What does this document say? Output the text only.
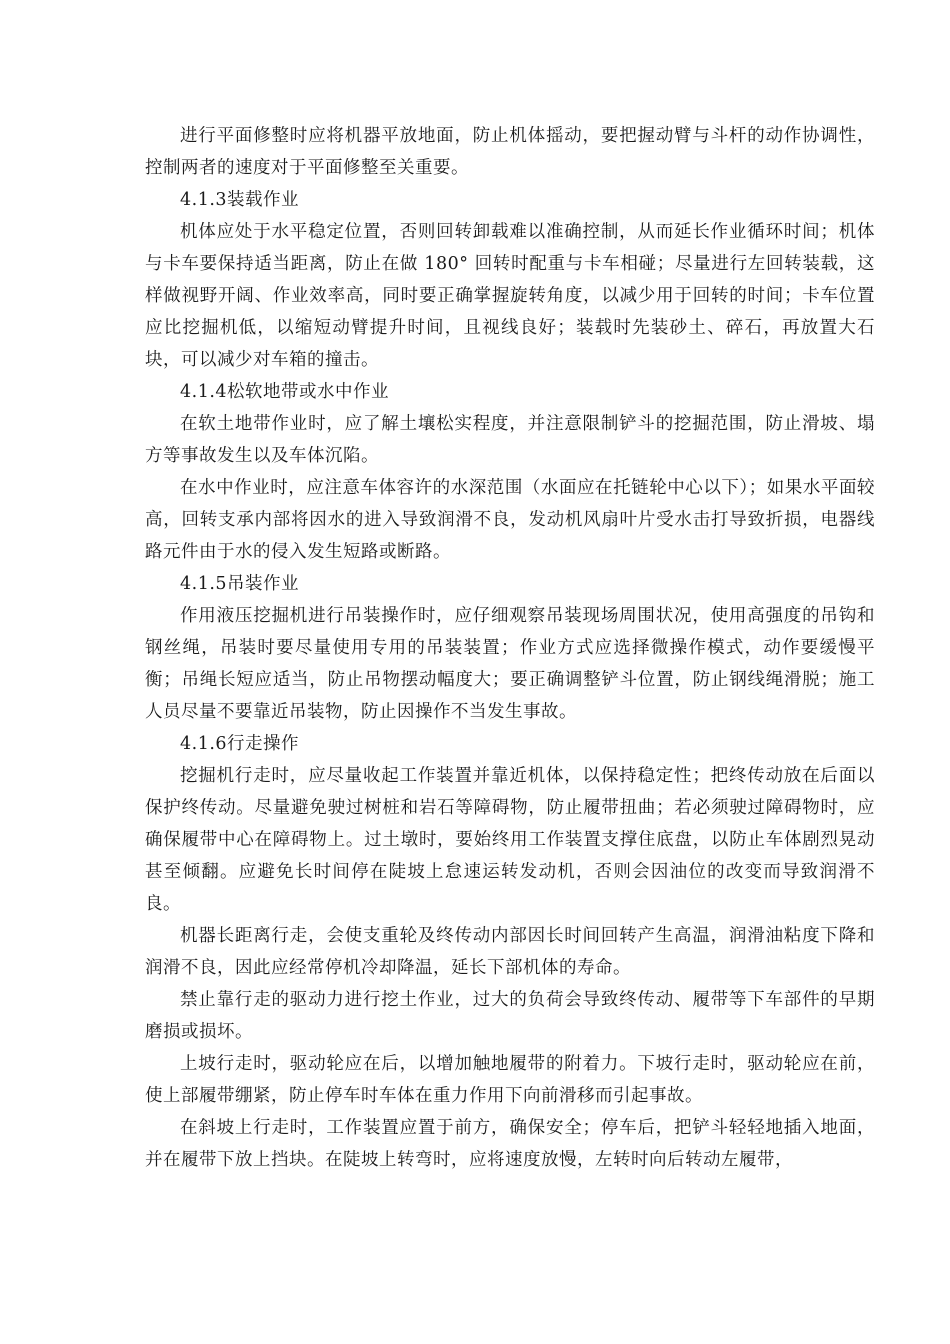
进行平面修整时应将机器平放地面，防止机体摇动，要把握动臂与斗杆的动作协调性，控制两者的速度对于平面修整至关重要。

4.1.3装载作业

机体应处于水平稳定位置，否则回转卸载难以准确控制，从而延长作业循环时间；机体与卡车要保持适当距离，防止在做 180° 回转时配重与卡车相碰；尽量进行左回转装载，这样做视野开阔、作业效率高，同时要正确掌握旋转角度，以减少用于回转的时间；卡车位置应比挖掘机低，以缩短动臂提升时间，且视线良好；装载时先装砂土、碎石，再放置大石块，可以减少对车箱的撞击。

4.1.4松软地带或水中作业

在软土地带作业时，应了解土壤松实程度，并注意限制铲斗的挖掘范围，防止滑坡、塌方等事故发生以及车体沉陷。

在水中作业时，应注意车体容许的水深范围（水面应在托链轮中心以下）；如果水平面较高，回转支承内部将因水的进入导致润滑不良，发动机风扇叶片受水击打导致折损，电器线路元件由于水的侵入发生短路或断路。

4.1.5吊装作业

作用液压挖掘机进行吊装操作时，应仔细观察吊装现场周围状况，使用高强度的吊钩和钢丝绳，吊装时要尽量使用专用的吊装装置；作业方式应选择微操作模式，动作要缓慢平衡；吊绳长短应适当，防止吊物摆动幅度大；要正确调整铲斗位置，防止钢线绳滑脱；施工人员尽量不要靠近吊装物，防止因操作不当发生事故。

4.1.6行走操作

挖掘机行走时，应尽量收起工作装置并靠近机体，以保持稳定性；把终传动放在后面以保护终传动。尽量避免驶过树桩和岩石等障碍物，防止履带扭曲；若必须驶过障碍物时，应确保履带中心在障碍物上。过土墩时，要始终用工作装置支撑住底盘，以防止车体剧烈晃动甚至倾翻。应避免长时间停在陡坡上怠速运转发动机，否则会因油位的改变而导致润滑不良。

机器长距离行走，会使支重轮及终传动内部因长时间回转产生高温，润滑油粘度下降和润滑不良，因此应经常停机冷却降温，延长下部机体的寿命。

禁止靠行走的驱动力进行挖土作业，过大的负荷会导致终传动、履带等下车部件的早期磨损或损坏。

上坡行走时，驱动轮应在后，以增加触地履带的附着力。下坡行走时，驱动轮应在前，使上部履带绷紧，防止停车时车体在重力作用下向前滑移而引起事故。

在斜坡上行走时，工作装置应置于前方，确保安全；停车后，把铲斗轻轻地插入地面，并在履带下放上挡块。在陡坡上转弯时，应将速度放慢，左转时向后转动左履带，
